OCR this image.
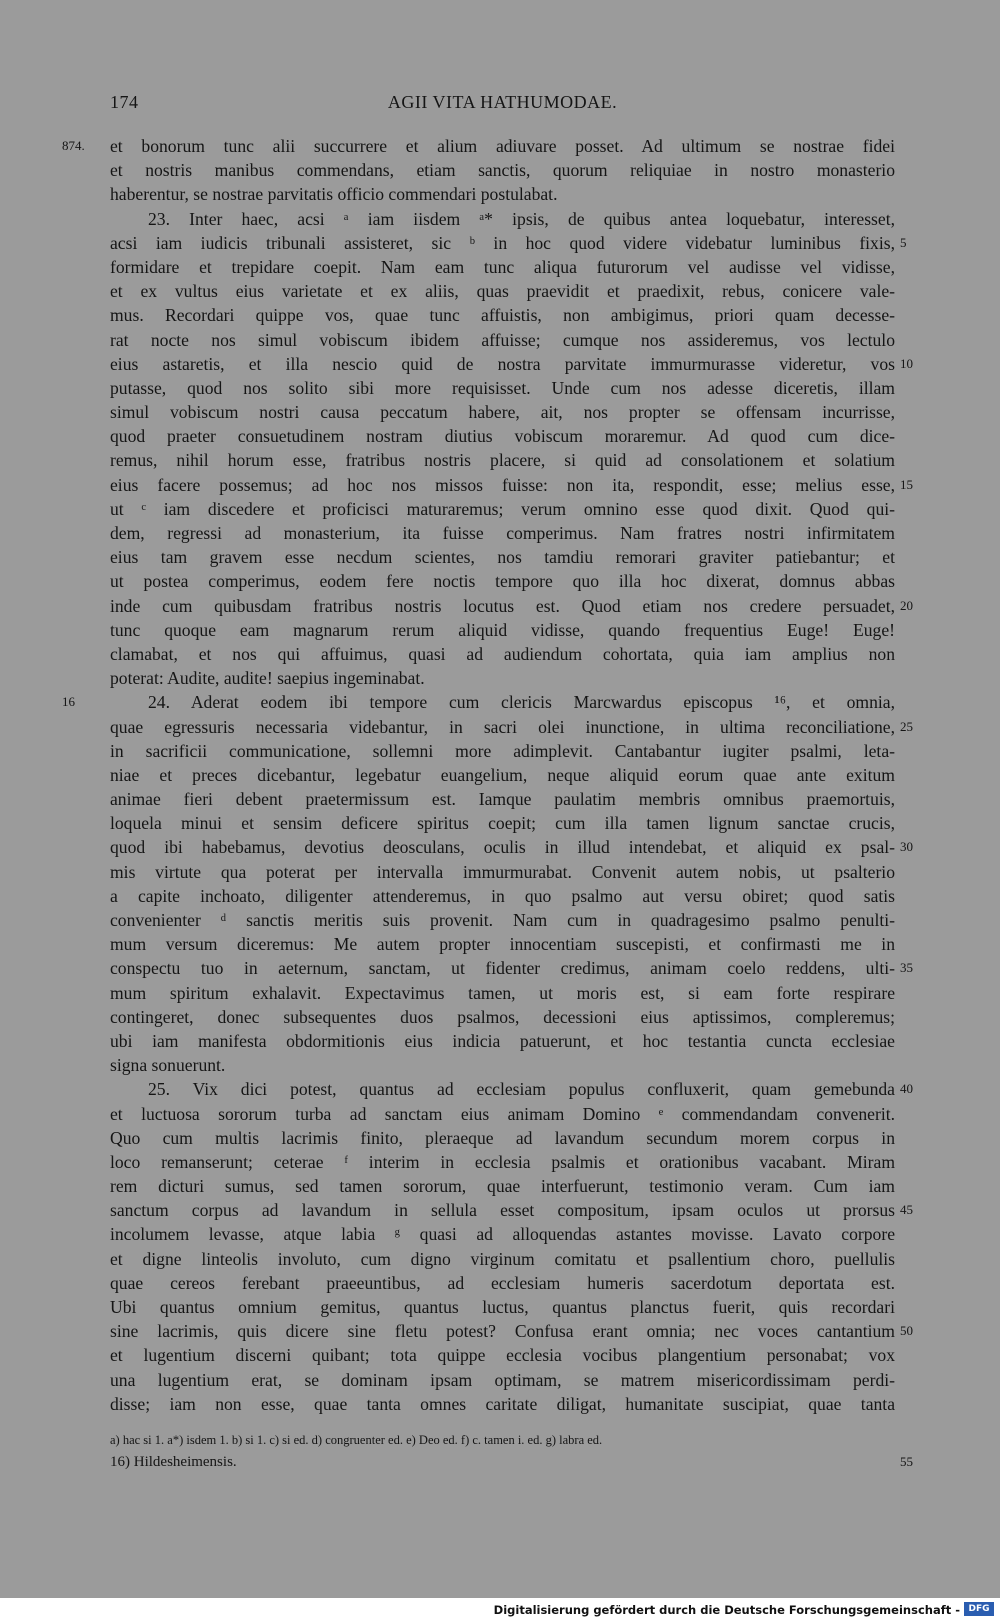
174	AGII VITA HATHUMODAE.
et bonorum tunc alii succurrere et alium adiuvare posset. Ad ultimum se nostrae fidei
874.
et nostris manibus commendans, etiam sanctis, quorum reliquiae in nostro monasterio
haberentur, se nostrae parvitatis officio commendari postulabat.
23. Inter haec, acsi ᵃ iam iisdem ᵃ* ipsis, de quibus antea loquebatur, interesset,
acsi iam iudicis tribunali assisteret, sic ᵇ in hoc quod videre videbatur luminibus fixis, 5
formidare et trepidare coepit. Nam eam tunc aliqua futurorum vel audisse vel vidisse,
et ex vultus eius varietate et ex aliis, quas praevidit et praedixit, rebus, conicere vale-
mus. Recordari quippe vos, quae tunc affuistis, non ambigimus, priori quam decesse-
rat nocte nos simul vobiscum ibidem affuisse; cumque nos assideremus, vos lectulo
eius astaretis, et illa nescio quid de nostra parvitate immurmurasse videretur, vos 10
putasse, quod nos solito sibi more requisisset. Unde cum nos adesse diceretis, illam
simul vobiscum nostri causa peccatum habere, ait, nos propter se offensam incurrisse,
quod praeter consuetudinem nostram diutius vobiscum moraremur. Ad quod cum dice-
remus, nihil horum esse, fratribus nostris placere, si quid ad consolationem et solatium
eius facere possemus; ad hoc nos missos fuisse: non ita, respondit, esse; melius esse, 15
ut ᶜ iam discedere et proficisci maturaremus; verum omnino esse quod dixit. Quod qui-
dem, regressi ad monasterium, ita fuisse comperimus. Nam fratres nostri infirmitatem
eius tam gravem esse necdum scientes, nos tamdiu remorari graviter patiebantur; et
ut postea comperimus, eodem fere noctis tempore quo illa hoc dixerat, domnus abbas
inde cum quibusdam fratribus nostris locutus est. Quod etiam nos credere persuadet, 20
tunc quoque eam magnarum rerum aliquid vidisse, quando frequentius Euge! Euge!
clamabat, et nos qui affuimus, quasi ad audiendum cohortata, quia iam amplius non
poterat: Audite, audite! saepius ingeminabat.
24. Aderat eodem ibi tempore cum clericis Marcwardus episcopus ¹⁶, et omnia,
16
quae egressuris necessaria videbantur, in sacri olei inunctione, in ultima reconciliatione, 25
in sacrificii communicatione, sollemni more adimplevit. Cantabantur iugiter psalmi, leta-
niae et preces dicebantur, legebatur euangelium, neque aliquid eorum quae ante exitum
animae fieri debent praetermissum est. Iamque paulatim membris omnibus praemortuis,
loquela minui et sensim deficere spiritus coepit; cum illa tamen lignum sanctae crucis,
quod ibi habebamus, devotius deosculans, oculis in illud intendebat, et aliquid ex psal- 30
mis virtute qua poterat per intervalla immurmurabat. Convenit autem nobis, ut psalterio
a capite inchoato, diligenter attenderemus, in quo psalmo aut versu obiret; quod satis
convenienter ᵈ sanctis meritis suis provenit. Nam cum in quadragesimo psalmo penulti-
mum versum diceremus: Me autem propter innocentiam suscepisti, et confirmasti me in
conspectu tuo in aeternum, sanctam, ut fidenter credimus, animam coelo reddens, ulti- 35
mum spiritum exhalavit. Expectavimus tamen, ut moris est, si eam forte respirare
contingeret, donec subsequentes duos psalmos, decessioni eius aptissimos, compleremus;
ubi iam manifesta obdormitionis eius indicia patuerunt, et hoc testantia cuncta ecclesiae
signa sonuerunt.
25. Vix dici potest, quantus ad ecclesiam populus confluxerit, quam gemebunda 40
et luctuosa sororum turba ad sanctam eius animam Domino ᵉ commendandam convenerit.
Quo cum multis lacrimis finito, pleraeque ad lavandum secundum morem corpus in
loco remanserunt; ceterae ᶠ interim in ecclesia psalmis et orationibus vacabant. Miram
rem dicturi sumus, sed tamen sororum, quae interfuerunt, testimonio veram. Cum iam
sanctum corpus ad lavandum in sellula esset compositum, ipsam oculos ut prorsus 45
incolumem levasse, atque labia ᵍ quasi ad alloquendas astantes movisse. Lavato corpore
et digne linteolis involuto, cum digno virginum comitatu et psallentium choro, puellulis
quae cereos ferebant praeeuntibus, ad ecclesiam humeris sacerdotum deportata est.
Ubi quantus omnium gemitus, quantus luctus, quantus planctus fuerit, quis recordari
sine lacrimis, quis dicere sine fletu potest? Confusa erant omnia; nec voces cantantium 50
et lugentium discerni quibant; tota quippe ecclesia vocibus plangentium personabat; vox
una lugentium erat, se dominam ipsam optimam, se matrem misericordissimam perdi-
disse; iam non esse, quae tanta omnes caritate diligat, humanitate suscipiat, quae tanta
a) hac si 1. a*) isdem 1. b) si 1. c) si ed. d) congruenter ed. e) Deo ed. f) c. tamen i. ed. g) labra ed.
16) Hildesheimensis.	55
Digitalisierung gefördert durch die Deutsche Forschungsgemeinschaft - DFG
